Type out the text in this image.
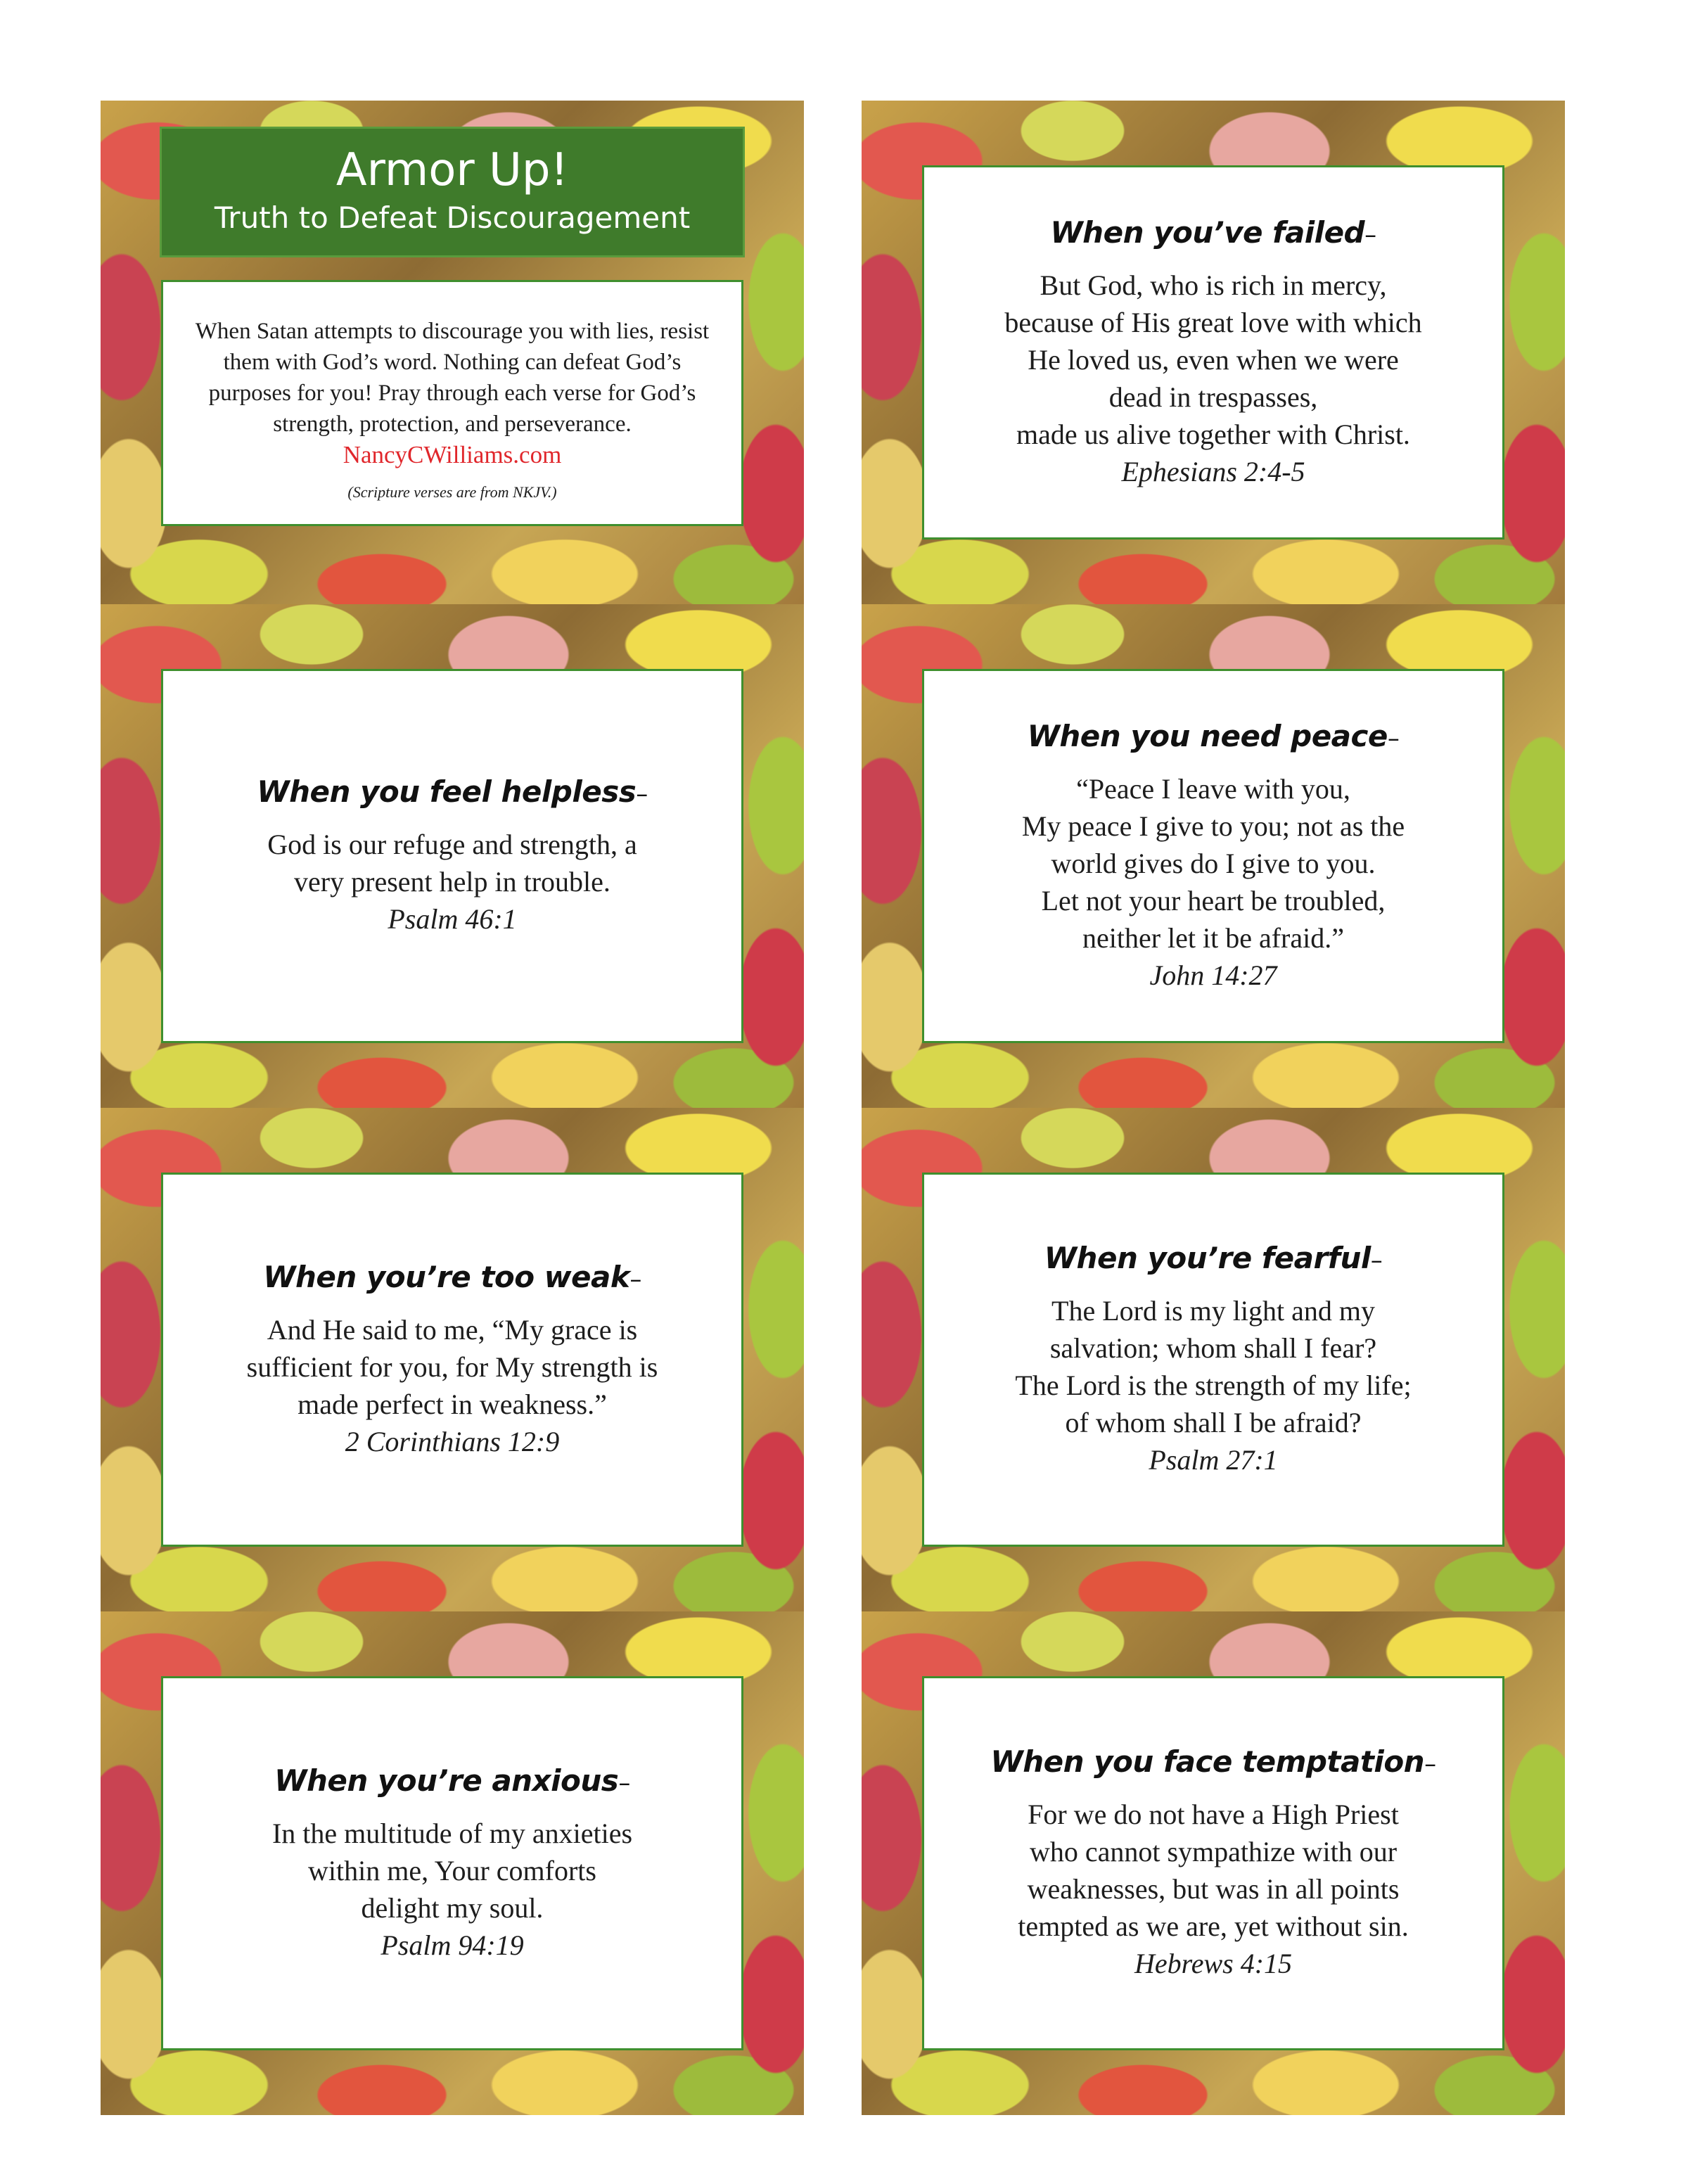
Armor Up!
Truth to Defeat Discouragement
When Satan attempts to discourage you with lies, resist them with God’s word. Nothing can defeat God’s purposes for you! Pray through each verse for God’s strength, protection, and perseverance.
NancyCWilliams.com
(Scripture verses are from NKJV.)
When you’ve failed–

But God, who is rich in mercy,
because of His great love with which
He loved us, even when we were
dead in trespasses,
made us alive together with Christ.
Ephesians 2:4-5

When you feel helpless–

God is our refuge and strength, a
very present help in trouble.
Psalm 46:1

When you need peace–

“Peace I leave with you,
My peace I give to you; not as the
world gives do I give to you.
Let not your heart be troubled,
neither let it be afraid.”
John 14:27

When you’re too weak–

And He said to me, “My grace is
sufficient for you, for My strength is
made perfect in weakness.”
2 Corinthians 12:9

When you’re fearful–

The Lord is my light and my
salvation; whom shall I fear?
The Lord is the strength of my life;
of whom shall I be afraid?
Psalm 27:1

When you’re anxious–

In the multitude of my anxieties
within me, Your comforts
delight my soul.
Psalm 94:19

When you face temptation–

For we do not have a High Priest
who cannot sympathize with our
weaknesses, but was in all points
tempted as we are, yet without sin.
Hebrews 4:15
